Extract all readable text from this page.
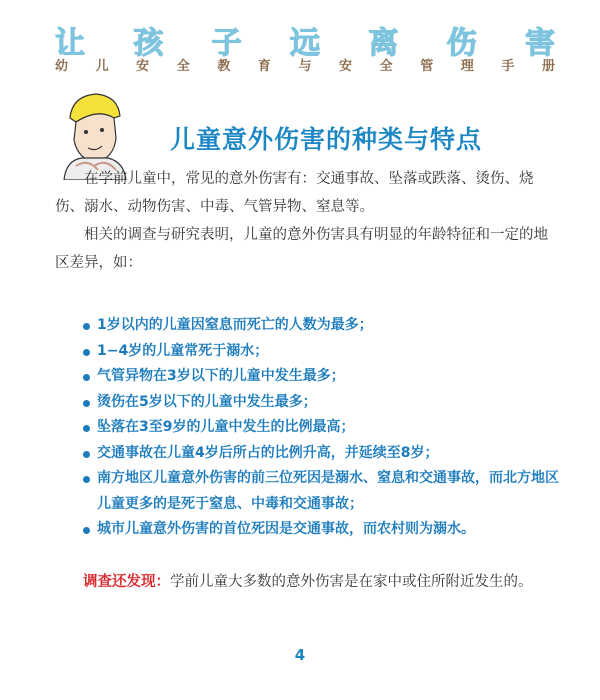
让 孩 子 远 离 伤 害
幼 儿 安 全 教 育 与 安 全 管 理 手 册
儿童意外伤害的种类与特点

在学前儿童中，常见的意外伤害有：交通事故、坠落或跌落、烫伤、烧伤、溺水、动物伤害、中毒、气管异物、窒息等。

相关的调查与研究表明，儿童的意外伤害具有明显的年龄特征和一定的地区差异，如：

1岁以内的儿童因窒息而死亡的人数为最多；
1−4岁的儿童常死于溺水；
气管异物在3岁以下的儿童中发生最多；
烫伤在5岁以下的儿童中发生最多；
坠落在3至9岁的儿童中发生的比例最高；
交通事故在儿童4岁后所占的比例升高，并延续至8岁；
南方地区儿童意外伤害的前三位死因是溺水、窒息和交通事故，而北方地区儿童更多的是死于窒息、中毒和交通事故；
城市儿童意外伤害的首位死因是交通事故，而农村则为溺水。
调查还发现：学前儿童大多数的意外伤害是在家中或住所附近发生的。
4
